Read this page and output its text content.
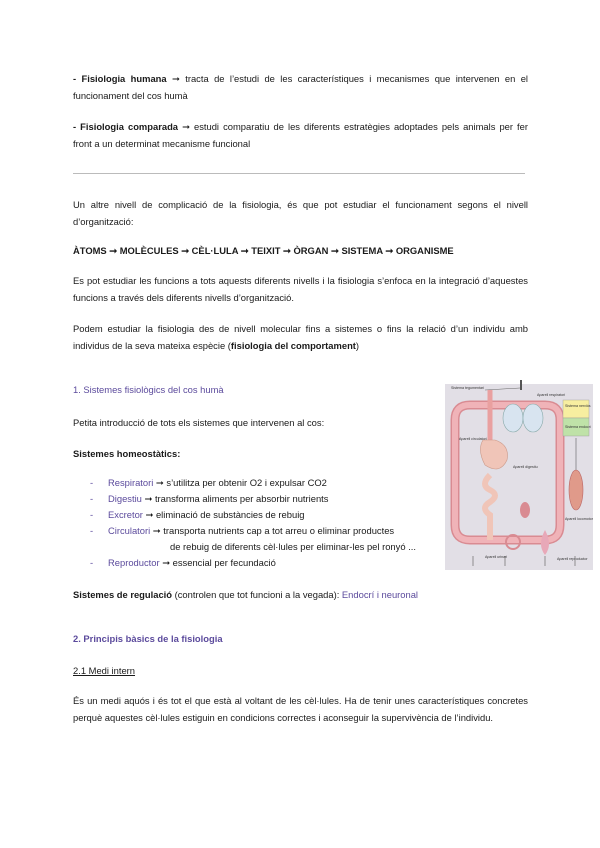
- Fisiologia humana ➞ tracta de l’estudi de les característiques i mecanismes que intervenen en el funcionament del cos humà
- Fisiologia comparada ➞ estudi comparatiu de les diferents estratègies adoptades pels animals per fer front a un determinat mecanisme funcional
Un altre nivell de complicació de la fisiologia, és que pot estudiar el funcionament segons el nivell d’organització:
ÀTOMS ➞ MOLÈCULES ➞ CÈL·LULA ➞ TEIXIT ➞ ÒRGAN ➞ SISTEMA ➞ ORGANISME
Es pot estudiar les funcions a tots aquests diferents nivells i la fisiologia s’enfoca en la integració d’aquestes funcions a través dels diferents nivells d’organització.
Podem estudiar la fisiologia des de nivell molecular fins a sistemes o fins la relació d’un individu amb individus de la seva mateixa espècie (fisiologia del comportament)
1. Sistemes fisiològics del cos humà
Petita introducció de tots els sistemes que intervenen al cos:
Sistemes homeostàtics:
- Respiratori ➞ s’utilitza per obtenir O2 i expulsar CO2
- Digestiu ➞ transforma aliments per absorbir nutrients
- Excretor ➞ eliminació de substàncies de rebuig
- Circulatori ➞ transporta nutrients cap a tot arreu o eliminar productes
de rebuig de diferents cèl·lules per eliminar-les pel ronyó ...
- Reproductor ➞ essencial per fecundació
Sistemes de regulació (controlen que tot funcioni a la vegada): Endocrí i neuronal
Sistema tegumentari
Aparell respiratori
Aparell digestiu
Aparell circulatori
Sistema nerviós
Sistema endocrí
Aparell locomotor
Aparell urinari	Aparell reproductor
2. Principis bàsics de la fisiologia
2.1 Medi intern
És un medi aquós i és tot el que està al voltant de les cèl·lules. Ha de tenir unes característiques concretes perquè aquestes cèl·lules estiguin en condicions correctes i aconseguir la supervivència de l’individu.
